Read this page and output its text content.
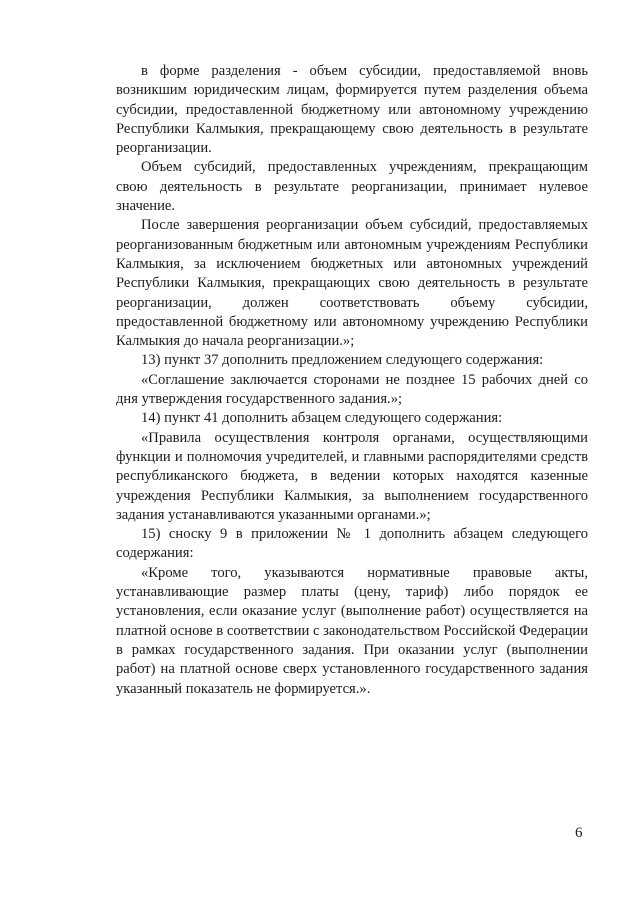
в форме разделения - объем субсидии, предоставляемой вновь возникшим юридическим лицам, формируется путем разделения объема субсидии, предоставленной бюджетному или автономному учреждению Республики Калмыкия, прекращающему свою деятельность в результате реорганизации.

Объем субсидий, предоставленных учреждениям, прекращающим свою деятельность в результате реорганизации, принимает нулевое значение.

После завершения реорганизации объем субсидий, предоставляемых реорганизованным бюджетным или автономным учреждениям Республики Калмыкия, за исключением бюджетных или автономных учреждений Республики Калмыкия, прекращающих свою деятельность в результате реорганизации, должен соответствовать объему субсидии, предоставленной бюджетному или автономному учреждению Республики Калмыкия до начала реорганизации.»;

13) пункт 37 дополнить предложением следующего содержания:

«Соглашение заключается сторонами не позднее 15 рабочих дней со дня утверждения государственного задания.»;

14) пункт 41 дополнить абзацем следующего содержания:

«Правила осуществления контроля органами, осуществляющими функции и полномочия учредителей, и главными распорядителями средств республиканского бюджета, в ведении которых находятся казенные учреждения Республики Калмыкия, за выполнением государственного задания устанавливаются указанными органами.»;

15) сноску 9 в приложении № 1 дополнить абзацем следующего содержания:

«Кроме того, указываются нормативные правовые акты, устанавливающие размер платы (цену, тариф) либо порядок ее установления, если оказание услуг (выполнение работ) осуществляется на платной основе в соответствии с законодательством Российской Федерации в рамках государственного задания. При оказании услуг (выполнении работ) на платной основе сверх установленного государственного задания указанный показатель не формируется.».

6
